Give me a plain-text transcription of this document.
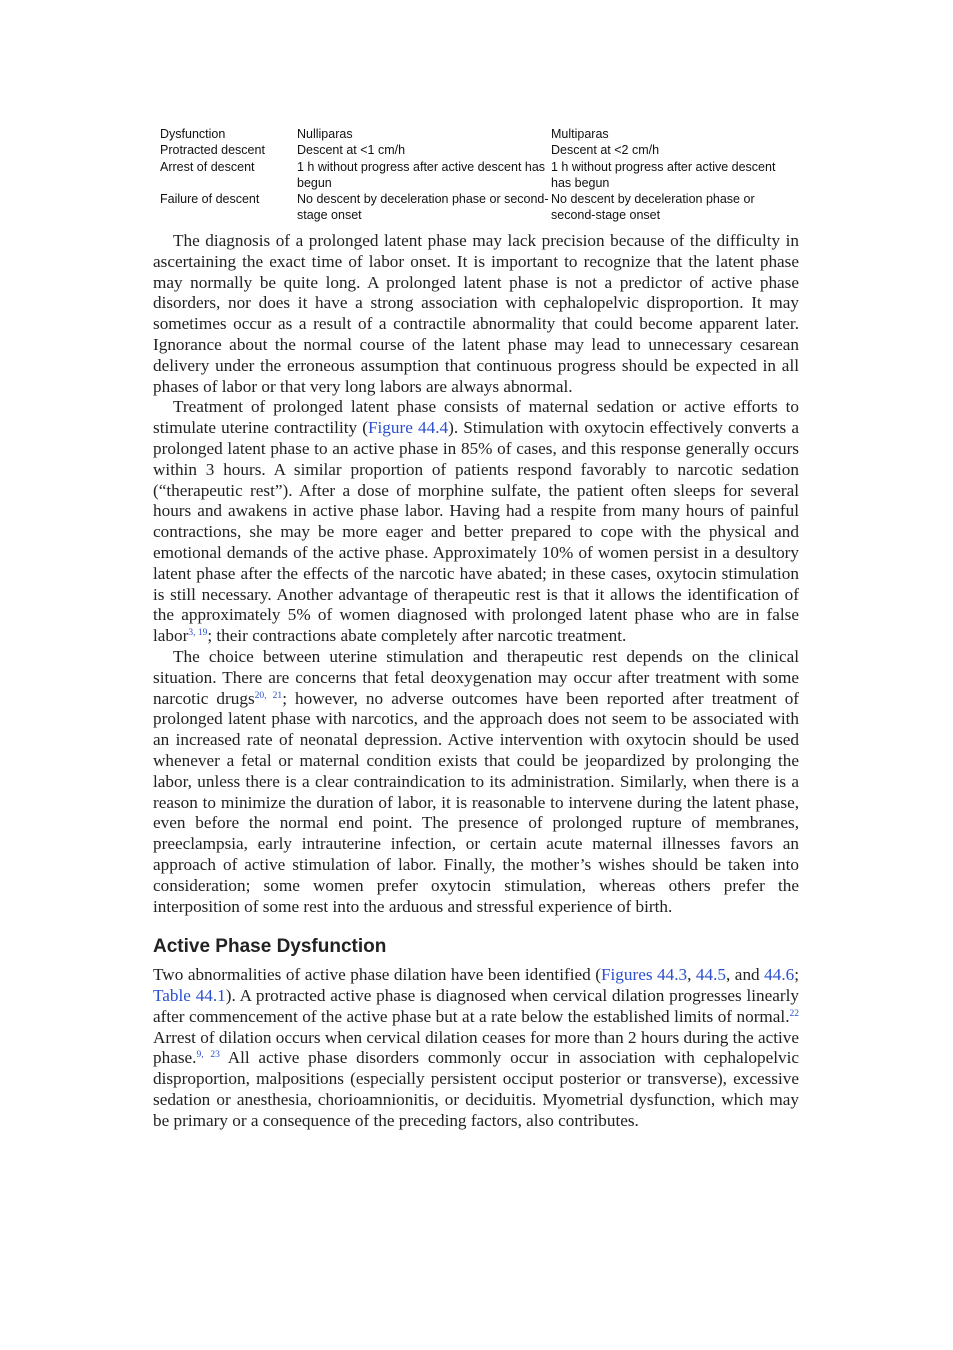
Dysfunction	Nulliparas	Multiparas
Protracted descent	Descent at <1 cm/h	Descent at <2 cm/h
Arrest of descent	1 h without progress after active descent has begun	1 h without progress after active descent has begun
Failure of descent	No descent by deceleration phase or second-stage onset	No descent by deceleration phase or second-stage onset

The diagnosis of a prolonged latent phase may lack precision because of the difficulty in ascertaining the exact time of labor onset. It is important to recognize that the latent phase may normally be quite long. A prolonged latent phase is not a predictor of active phase disorders, nor does it have a strong association with cephalopelvic disproportion. It may sometimes occur as a result of a contractile abnormality that could become apparent later. Ignorance about the normal course of the latent phase may lead to unnecessary cesarean delivery under the erroneous assumption that continuous progress should be expected in all phases of labor or that very long labors are always abnormal.

Treatment of prolonged latent phase consists of maternal sedation or active efforts to stimulate uterine contractility (Figure 44.4). Stimulation with oxytocin effectively converts a prolonged latent phase to an active phase in 85% of cases, and this response generally occurs within 3 hours. A similar proportion of patients respond favorably to narcotic sedation (“therapeutic rest”). After a dose of morphine sulfate, the patient often sleeps for several hours and awakens in active phase labor. Having had a respite from many hours of painful contractions, she may be more eager and better prepared to cope with the physical and emotional demands of the active phase. Approximately 10% of women persist in a desultory latent phase after the effects of the narcotic have abated; in these cases, oxytocin stimulation is still necessary. Another advantage of therapeutic rest is that it allows the identification of the approximately 5% of women diagnosed with prolonged latent phase who are in false labor$^{3, 19}$; their contractions abate completely after narcotic treatment.

The choice between uterine stimulation and therapeutic rest depends on the clinical situation. There are concerns that fetal deoxygenation may occur after treatment with some narcotic drugs$^{20, 21}$; however, no adverse outcomes have been reported after treatment of prolonged latent phase with narcotics, and the approach does not seem to be associated with an increased rate of neonatal depression. Active intervention with oxytocin should be used whenever a fetal or maternal condition exists that could be jeopardized by prolonging the labor, unless there is a clear contraindication to its administration. Similarly, when there is a reason to minimize the duration of labor, it is reasonable to intervene during the latent phase, even before the normal end point. The presence of prolonged rupture of membranes, preeclampsia, early intrauterine infection, or certain acute maternal illnesses favors an approach of active stimulation of labor. Finally, the mother’s wishes should be taken into consideration; some women prefer oxytocin stimulation, whereas others prefer the interposition of some rest into the arduous and stressful experience of birth.

Active Phase Dysfunction

Two abnormalities of active phase dilation have been identified (Figures 44.3, 44.5, and 44.6; Table 44.1). A protracted active phase is diagnosed when cervical dilation progresses linearly after commencement of the active phase but at a rate below the established limits of normal.$^{22}$ Arrest of dilation occurs when cervical dilation ceases for more than 2 hours during the active phase.$^{9, 23}$ All active phase disorders commonly occur in association with cephalopelvic disproportion, malpositions (especially persistent occiput posterior or transverse), excessive sedation or anesthesia, chorioamnionitis, or deciduitis. Myometrial dysfunction, which may be primary or a consequence of the preceding factors, also contributes.
